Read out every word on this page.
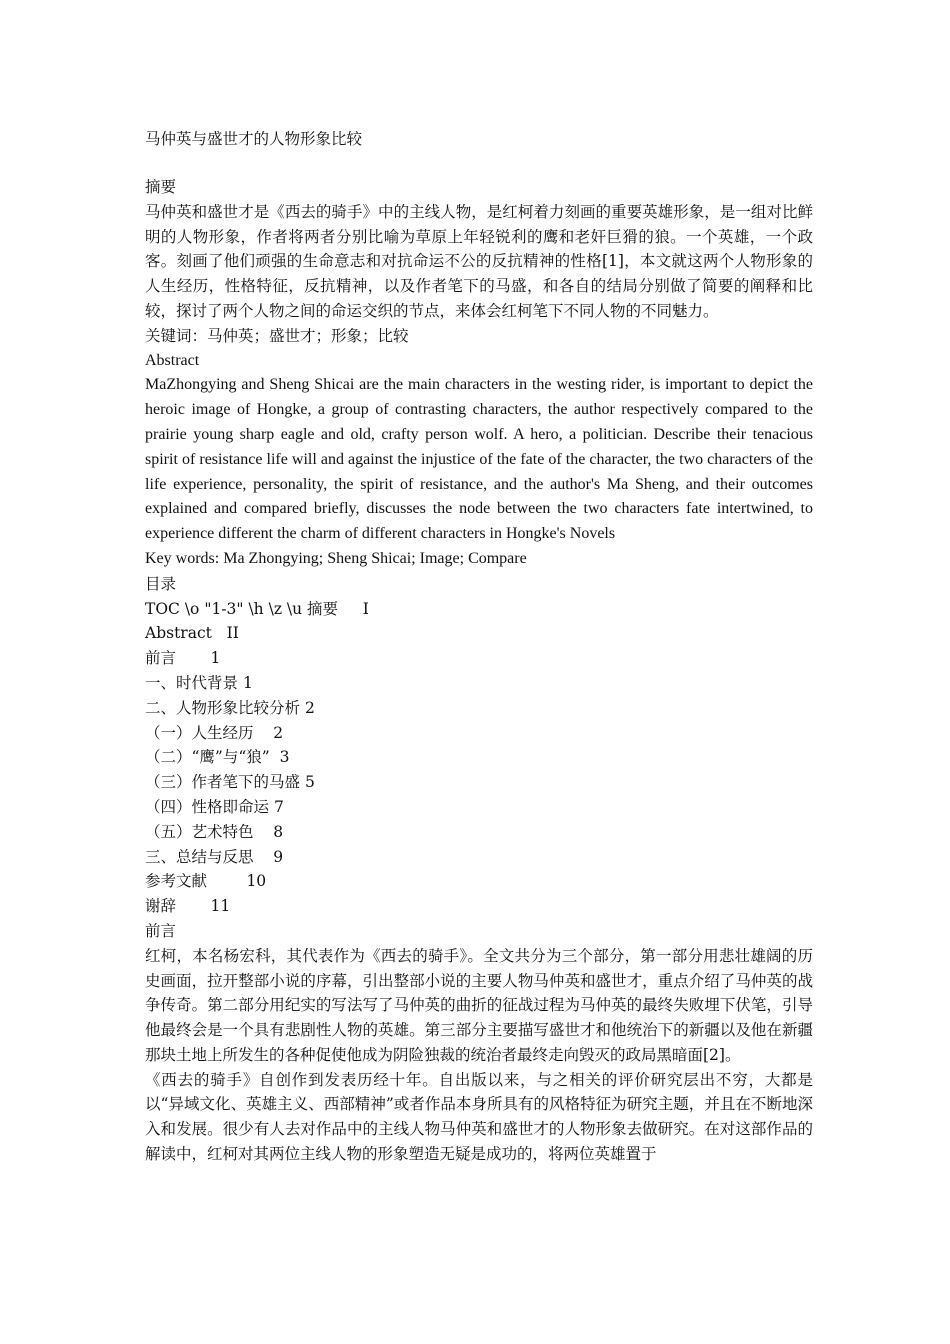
马仲英与盛世才的人物形象比较

摘要

马仲英和盛世才是《西去的骑手》中的主线人物，是红柯着力刻画的重要英雄形象，是一组对比鲜明的人物形象，作者将两者分别比喻为草原上年轻锐利的鹰和老奸巨猾的狼。一个英雄，一个政客。刻画了他们顽强的生命意志和对抗命运不公的反抗精神的性格[1]，本文就这两个人物形象的人生经历，性格特征，反抗精神，以及作者笔下的马盛，和各自的结局分别做了简要的阐释和比较，探讨了两个人物之间的命运交织的节点，来体会红柯笔下不同人物的不同魅力。

关键词：马仲英；盛世才；形象；比较

Abstract

MaZhongying and Sheng Shicai are the main characters in the westing rider, is important to depict the heroic image of Hongke, a group of contrasting characters, the author respectively compared to the prairie young sharp eagle and old, crafty person wolf. A hero, a politician. Describe their tenacious spirit of resistance life will and against the injustice of the fate of the character, the two characters of the life experience, personality, the spirit of resistance, and the author's Ma Sheng, and their outcomes explained and compared briefly, discusses the node between the two characters fate intertwined, to experience different the charm of different characters in Hongke's Novels

Key words: Ma Zhongying; Sheng Shicai; Image; Compare

目录

TOC \o "1-3" \h \z \u 摘要 I

Abstract II

前言 1

一、时代背景 1

二、人物形象比较分析 2

（一）人生经历 2

（二）“鹰”与“狼” 3

（三）作者笔下的马盛 5

（四）性格即命运 7

（五）艺术特色 8

三、总结与反思 9

参考文献	10

谢辞 11

前言

红柯，本名杨宏科，其代表作为《西去的骑手》。全文共分为三个部分，第一部分用悲壮雄阔的历史画面，拉开整部小说的序幕，引出整部小说的主要人物马仲英和盛世才，重点介绍了马仲英的战争传奇。第二部分用纪实的写法写了马仲英的曲折的征战过程为马仲英的最终失败埋下伏笔，引导他最终会是一个具有悲剧性人物的英雄。第三部分主要描写盛世才和他统治下的新疆以及他在新疆那块土地上所发生的各种促使他成为阴险独裁的统治者最终走向毁灭的政局黑暗面[2]。

《西去的骑手》自创作到发表历经十年。自出版以来，与之相关的评价研究层出不穷，大都是以“异域文化、英雄主义、西部精神”或者作品本身所具有的风格特征为研究主题，并且在不断地深入和发展。很少有人去对作品中的主线人物马仲英和盛世才的人物形象去做研究。在对这部作品的解读中，红柯对其两位主线人物的形象塑造无疑是成功的，将两位英雄置于
